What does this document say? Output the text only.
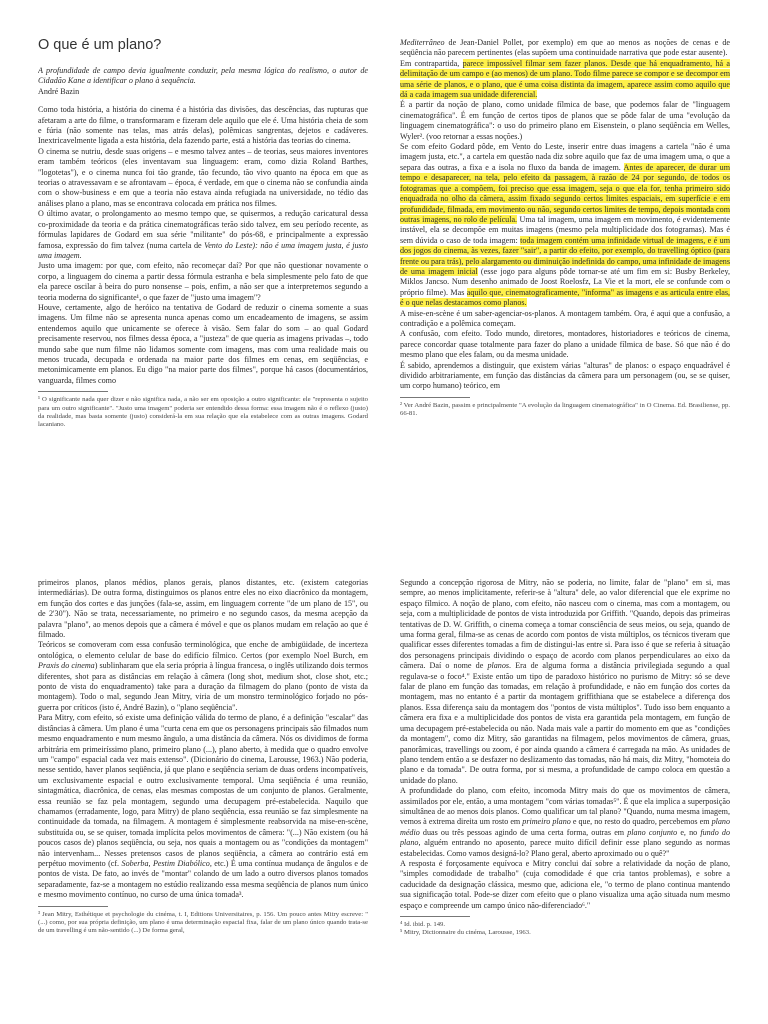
O que é um plano?

A profundidade de campo devia igualmente conduzir, pela mesma lógica do realismo, o autor de Cidadão Kane a identificar o plano à sequência.

André Bazin

Como toda história, a história do cinema é a história das divisões, das descências, das rupturas que afetaram a arte do filme, o transformaram e fizeram dele aquilo que ele é. Uma história cheia de som e fúria (não somente nas telas, mas atrás delas), polêmicas sangrentas, dejetos e cadáveres. Inextricavelmente ligada a esta história, dela fazendo parte, está a história das teorias do cinema.

O cinema se nutriu, desde suas origens – e mesmo talvez antes – de teorias, seus maiores inventores eram também teóricos (eles inventavam sua linguagem: eram, como dizia Roland Barthes, "logotetas"), e o cinema nunca foi tão grande, tão fecundo, tão vivo quanto na época em que as teorias o atravessavam e se afrontavam – época, é verdade, em que o cinema não se confundia ainda com o show-business e em que a teoria não estava ainda refugiada na universidade, no tédio das análises plano a plano, mas se encontrava colocada em prática nos filmes.

O último avatar, o prolongamento ao mesmo tempo que, se quisermos, a redução caricatural dessa co-proximidade da teoria e da prática cinematográficas terão sido talvez, em seu período recente, as fórmulas lapidares de Godard em sua série "militante" do pós-68, e principalmente a expressão famosa, expressão do fim talvez (numa cartela de Vento do Leste): não é uma imagem justa, é justo uma imagem.

Justo uma imagem: por que, com efeito, não recomeçar daí? Por que não questionar novamente o corpo, a linguagem do cinema a partir dessa fórmula estranha e bela simplesmente pelo fato de que ela parece oscilar à beira do puro nonsense – pois, enfim, a não ser que a interpretemos segundo a teoria moderna do significante¹, o que fazer de "justo uma imagem"?

Houve, certamente, algo de heróico na tentativa de Godard de reduzir o cinema somente a suas imagens. Um filme não se apresenta nunca apenas como um encadeamento de imagens, se assim entendemos aquilo que unicamente se oferece à visão. Sem falar do som – ao qual Godard precisamente reservou, nos filmes dessa época, a "justeza" de que queria as imagens privadas –, todo mundo sabe que num filme não lidamos somente com imagens, mas com uma realidade mais ou menos trucada, decupada e ordenada na maior parte dos filmes em cenas, em seqüências, e metonimicamente em planos. Eu digo "na maior parte dos filmes", porque há casos (documentários, vanguarda, filmes como

¹ O significante nada quer dizer e não significa nada, a não ser em oposição a outro significante: ele "representa o sujeito para um outro significante". "Justo uma imagem" poderia ser entendido dessa forma: essa imagem não é o reflexo (justo) da realidade, mas basta somente (justo) considerá-la em sua relação que ela estabelece com as outras imagens. Godard lacaniano.

Mediterrâneo de Jean-Daniel Pollet, por exemplo) em que ao menos as noções de cenas e de seqüência não parecem pertinentes (elas supõem uma continuidade narrativa que pode estar ausente).

Em contrapartida, parece impossível filmar sem fazer planos. Desde que há enquadramento, há a delimitação de um campo e (ao menos) de um plano. Todo filme parece se compor e se decompor em uma série de planos, e o plano, que é uma coisa distinta da imagem, aparece assim como aquilo que dá a cada imagem sua unidade diferencial.

É a partir da noção de plano, como unidade fílmica de base, que podemos falar de "linguagem cinematográfica". É em função de certos tipos de planos que se pôde falar de uma "evolução da linguagem cinematográfica": o uso do primeiro plano em Eisenstein, o plano seqüência em Welles, Wyler². (voo retornar a essas noções.)

Se com efeito Godard pôde, em Vento do Leste, inserir entre duas imagens a cartela "não é uma imagem justa, etc.", a cartela em questão nada diz sobre aquilo que faz de uma imagem uma, o que a separa das outras, a fixa e a isola no fluxo da banda de imagem. Antes de aparecer, de durar um tempo e desaparecer, na tela, pelo efeito da passagem, à razão de 24 por segundo, de todos os fotogramas que a compõem, foi preciso que essa imagem, seja o que ela for, tenha primeiro sido enquadrada no olho da câmera, assim fixado segundo certos limites espaciais, em superfície e em profundidade, filmada, em movimento ou não, segundo certos limites de tempo, depois montada com outras imagens, no rolo de película. Uma tal imagem, uma imagem em movimento, é evidentemente instável, ela se decompõe em muitas imagens (mesmo pela multiplicidade dos fotogramas). Mas é sem dúvida o caso de toda imagem: toda imagem contém uma infinidade virtual de imagens, e é um dos jogos do cinema, às vezes, fazer "sair", a partir do efeito, por exemplo, do travelling óptico (para frente ou para trás), pelo alargamento ou diminuição indefinida do campo, uma infinidade de imagens de uma imagem inicial (esse jogo para alguns pôde tornar-se até um fim em si: Busby Berkeley, Miklos Jancso. Num desenho animado de Joost Roelosfz, La Vie et la mort, ele se confunde com o próprio filme). Mas aquilo que, cinematograficamente, "informa" as imagens e as articula entre elas, é o que nelas destacamos como planos.

A mise-en-scène é um saber-agenciar-os-planos. A montagem também. Ora, é aqui que a confusão, a contradição e a polêmica começam.

A confusão, com efeito. Todo mundo, diretores, montadores, historiadores e teóricos de cinema, parece concordar quase totalmente para fazer do plano a unidade fílmica de base. Só que não é do mesmo plano que eles falam, ou da mesma unidade.

É sabido, aprendemos a distinguir, que existem várias "alturas" de planos: o espaço enquadrável é dividido arbitrariamente, em função das distâncias da câmera para um personagem (ou, se se quiser, um corpo humano) teórico, em

² Ver André Bazin, passim e principalmente "A evolução da linguagem cinematográfica" in O Cinema. Ed. Brasiliense, pp. 66-81.

primeiros planos, planos médios, planos gerais, planos distantes, etc. (existem categorias intermediárias). De outra forma, distinguimos os planos entre eles no eixo diacrônico da montagem, em função dos cortes e das junções (fala-se, assim, em linguagem corrente "de um plano de 15", ou de 2'30"). Não se trata, necessariamente, no primeiro e no segundo casos, da mesma acepção da palavra "plano", ao menos depois que a câmera é móvel e que os planos mudam em relação ao que é filmado.

Teóricos se comoveram com essa confusão terminológica, que enche de ambigüidade, de incerteza ontológica, o elemento celular de base do edifício fílmico. Certos (por exemplo Noel Burch, em Praxis do cinema) sublinharam que ela seria própria à língua francesa, o inglês utilizando dois termos diferentes, shot para as distâncias em relação à câmera (long shot, medium shot, close shot, etc.; ponto de vista do enquadramento) take para a duração da filmagem do plano (ponto de vista da montagem). Todo o mal, segundo Jean Mitry, viria de um monstro terminológico forjado no pós-guerra por críticos (isto é, André Bazin), o "plano seqüência".

Para Mitry, com efeito, só existe uma definição válida do termo de plano, é a definição "escalar" das distâncias à câmera. Um plano é uma "curta cena em que os personagens principais são filmados num mesmo enquadramento e num mesmo ângulo, a uma distância da câmera. Nós os dividimos de forma arbitrária em primeiríssimo plano, primeiro plano (...), plano aberto, à medida que o quadro envolve um "campo" espacial cada vez mais extenso". (Dicionário do cinema, Larousse, 1963.) Não poderia, nesse sentido, haver planos seqüência, já que plano e seqüência seriam de duas ordens incompatíveis, um exclusivamente espacial e outro exclusivamente temporal. Uma seqüência é uma reunião, sintagmática, diacrônica, de cenas, elas mesmas compostas de um conjunto de planos. Geralmente, essa reunião se faz pela montagem, segundo uma decupagem pré-estabelecida. Naquilo que chamamos (erradamente, logo, para Mitry) de plano seqüência, essa reunião se faz simplesmente na continuidade da tomada, na filmagem. A montagem é simplesmente reabsorvida na mise-en-scène, substituída ou, se se quiser, tomada implícita pelos movimentos de câmera: "(...) Não existem (ou há poucos casos de) planos seqüência, ou seja, nos quais a montagem ou as "condições da montagem" não intervenham... Nesses pretensos casos de planos seqüência, a câmera ao contrário está em perpétuo movimento (cf. Soberba, Pestim Diabólico, etc.) É uma contínua mudança de ângulos e de pontos de vista. De fato, ao invés de "montar" colando de um lado a outro diversos planos tomados separadamente, faz-se a montagem no estúdio realizando essa mesma seqüência de planos num único e mesmo movimento contínuo, no curso de uma única tomada³.

³ Jean Mitry, Esthétique et psychologie du cinéma, t. I, Editions Universitaires, p. 156. Um pouco antes Mitry escreve: "(...) como, por sua própria definição, um plano é uma determinação espacial fixa, falar de um plano único quando trata-se de um travelling é um não-sentido (...) De forma geral,

Segundo a concepção rigorosa de Mitry, não se poderia, no limite, falar de "plano" em si, mas sempre, ao menos implicitamente, referir-se à "altura" dele, ao valor diferencial que ele exprime no espaço fílmico. A noção de plano, com efeito, não nasceu com o cinema, mas com a montagem, ou seja, com a multiplicidade de pontos de vista introduzida por Griffith. "Quando, depois das primeiras tentativas de D. W. Griffith, o cinema começa a tomar consciência de seus meios, ou seja, quando de uma forma geral, filma-se as cenas de acordo com pontos de vista múltiplos, os técnicos tiveram que qualificar esses diferentes tomadas a fim de distingui-las entre si. Para isso é que se referia à situação dos personagens principais dividindo o espaço de acordo com planos perpendiculares ao eixo da câmera. Daí o nome de planos. Era de alguma forma a distância privilegiada segundo a qual regulava-se o foco⁴." Existe então um tipo de paradoxo histórico no purismo de Mitry: só se deve falar de plano em função das tomadas, em relação à profundidade, e não em função dos cortes da montagem, mas no entanto é a partir da montagem griffithiana que se estabelece a diferença dos planos. Essa diferença saiu da montagem dos "pontos de vista múltiplos". Tudo isso bem enquanto a câmera era fixa e a multiplicidade dos pontos de vista era garantida pela montagem, em função de uma decupagem pré-estabelecida ou não. Nada mais vale a partir do momento em que as "condições da montagem", como diz Mitry, são garantidas na filmagem, pelos movimentos de câmera, gruas, panorâmicas, travellings ou zoom, é por ainda quando a câmera é carregada na mão. As unidades de plano tendem então a se desfazer no deslizamento das tomadas, não há mais, diz Mitry, "homoteia do plano e da tomada". De outra forma, por si mesma, a profundidade de campo coloca em questão a unidade do plano.

A profundidade do plano, com efeito, incomoda Mitry mais do que os movimentos de câmera, assimilados por ele, então, a uma montagem "com várias tomadas⁵". É que ela implica a superposição simultânea de ao menos dois planos. Como qualificar um tal plano? "Quando, numa mesma imagem, vemos à extrema direita um rosto em primeiro plano e que, no resto do quadro, percebemos em plano médio duas ou três pessoas agindo de uma certa forma, outras em plano conjunto e, no fundo do plano, alguém entrando no aposento, parece muito difícil definir esse plano segundo as normas estabelecidas. Como vamos designá-lo? Plano geral, aberto aproximado ou o quê?"

A resposta é forçosamente equívoca e Mitry conclui daí sobre a relatividade da noção de plano, "simples comodidade de trabalho" (cuja comodidade é que cria tantos problemas), e sobre a caducidade da designação clássica, mesmo que, adiciona ele, "o termo de plano continua mantendo sua significação total. Pode-se dizer com efeito que o plano visualiza uma ação situada num mesmo espaço e compreende um campo único não-diferenciado⁶."

⁴ Id. ibid. p. 149.

⁵ Mitry, Dictionnaire du cinéma, Larousse, 1963.
